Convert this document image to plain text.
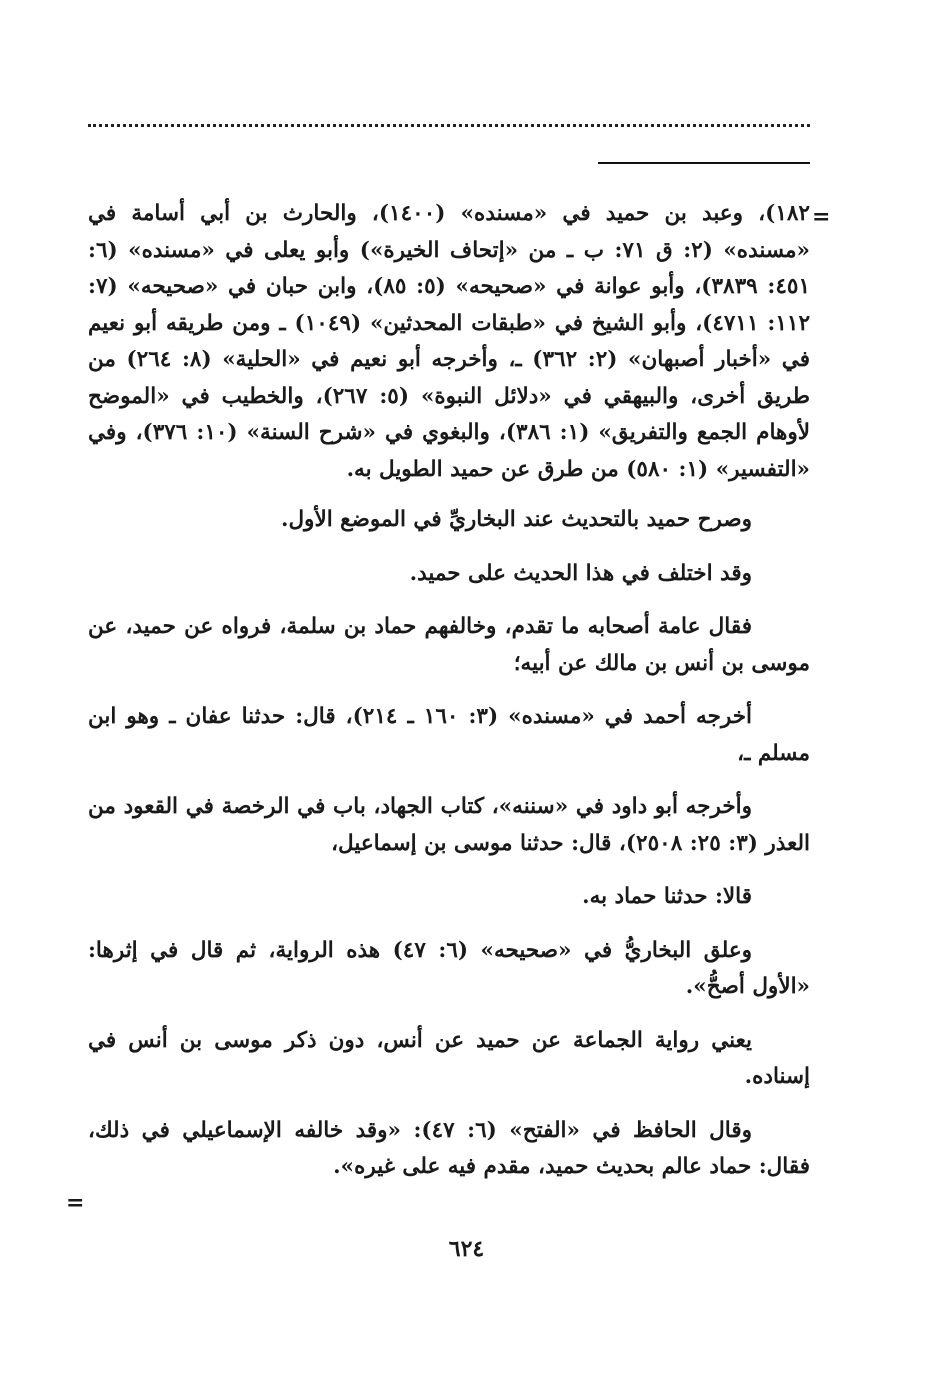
=

١٨٢)، وعبد بن حميد في «مسنده» (١٤٠٠)، والحارث بن أبي أسامة في «مسنده» (٢: ق ٧١: ب ـ من «إتحاف الخيرة») وأبو يعلى في «مسنده» (٦: ٤٥١: ٣٨٣٩)، وأبو عوانة في «صحيحه» (٥: ٨٥)، وابن حبان في «صحيحه» (٧: ١١٢: ٤٧١١)، وأبو الشيخ في «طبقات المحدثين» (١٠٤٩) ـ ومن طريقه أبو نعيم في «أخبار أصبهان» (٢: ٣٦٢) ـ، وأخرجه أبو نعيم في «الحلية» (٨: ٢٦٤) من طريق أخرى، والبيهقي في «دلائل النبوة» (٥: ٢٦٧)، والخطيب في «الموضح لأوهام الجمع والتفريق» (١: ٣٨٦)، والبغوي في «شرح السنة» (١٠: ٣٧٦)، وفي «التفسير» (١: ٥٨٠) من طرق عن حميد الطويل به.

وصرح حميد بالتحديث عند البخاريِّ في الموضع الأول.

وقد اختلف في هذا الحديث على حميد.

فقال عامة أصحابه ما تقدم، وخالفهم حماد بن سلمة، فرواه عن حميد، عن موسى بن أنس بن مالك عن أبيه؛

أخرجه أحمد في «مسنده» (٣: ١٦٠ ـ ٢١٤)، قال: حدثنا عفان ـ وهو ابن مسلم ـ،

وأخرجه أبو داود في «سننه»، كتاب الجهاد، باب في الرخصة في القعود من العذر (٣: ٢٥: ٢٥٠٨)، قال: حدثنا موسى بن إسماعيل،

قالا: حدثنا حماد به.

وعلق البخاريُّ في «صحيحه» (٦: ٤٧) هذه الرواية، ثم قال في إثرها: «الأول أصحُّ».

يعني رواية الجماعة عن حميد عن أنس، دون ذكر موسى بن أنس في إسناده.

وقال الحافظ في «الفتح» (٦: ٤٧): «وقد خالفه الإسماعيلي في ذلك، فقال: حماد عالم بحديث حميد، مقدم فيه على غيره».

=
٦٢٤
